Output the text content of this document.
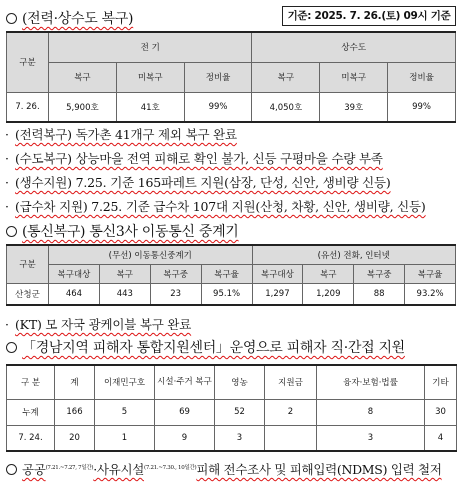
(전력·상수도 복구)	기준: 2025. 7. 26.(토) 09시 기준
구분	전 기			상수도		
	복구	미복구	정비율	복구	미복구	정비율
7. 26.	5,900호	41호	99%	4,050호	39호	99%
· (전력복구) 독가촌 41개구 제외 복구 완료
· (수도복구) 상능마을 전역 피해로 확인 불가, 신등 구평마을 수량 부족
· (생수지원) 7.25. 기준 165파레트 지원(삼장, 단성, 신안, 생비량 신등)
· (급수차 지원) 7.25. 기준 급수차 107대 지원(산청, 차황, 신안, 생비량, 신등)
(통신복구) 통신3사 이동통신 중계기
구분	(무선) 이동통신중계기				(유선) 전화, 인터넷			
	복구대상	복구	복구중	복구율	복구대상	복구	복구중	복구율
산청군	464	443	23	95.1%	1,297	1,209	88	93.2%
· (KT) 모 자국 광케이블 복구 완료
「경남지역 피해자 통합지원센터」운영으로 피해자 직·간접 지원
구 분	계	이재민구호	시설·주거 복구	영농	지원금	융자·보험·법률	기타
누계	166	5	69	52	2	8	30
7. 24.	20	1	9	3		3	4
공공$^{(7.21.\sim 7.27, 7일간)}$·사유시설$^{(7.21.\sim 7.30., 10일간)}$피해 전수조사 및 피해입력(NDMS) 입력 철저
